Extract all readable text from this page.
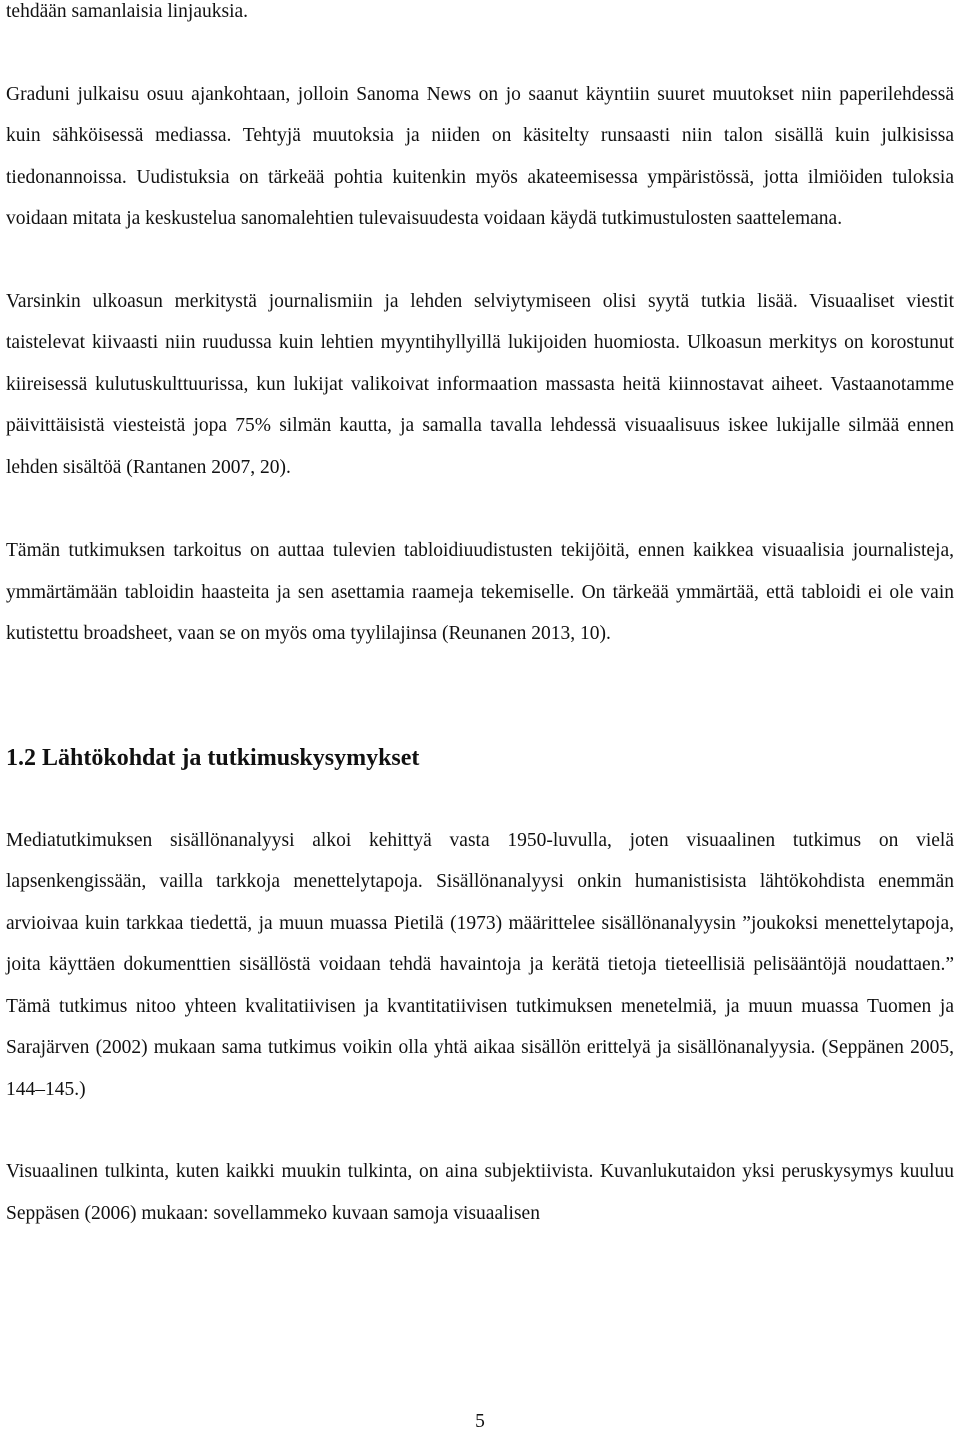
tehdään samanlaisia linjauksia.

Graduni julkaisu osuu ajankohtaan, jolloin Sanoma News on jo saanut käyntiin suuret muutokset niin paperilehdessä kuin sähköisessä mediassa. Tehtyjä muutoksia ja niiden on käsitelty runsaasti niin talon sisällä kuin julkisissa tiedonannoissa. Uudistuksia on tärkeää pohtia kuitenkin myös akateemisessa ympäristössä, jotta ilmiöiden tuloksia voidaan mitata ja keskustelua sanomalehtien tulevaisuudesta voidaan käydä tutkimustulosten saattelemana.

Varsinkin ulkoasun merkitystä journalismiin ja lehden selviytymiseen olisi syytä tutkia lisää. Visuaaliset viestit taistelevat kiivaasti niin ruudussa kuin lehtien myyntihyllyillä lukijoiden huomiosta. Ulkoasun merkitys on korostunut kiireisessä kulutuskulttuurissa, kun lukijat valikoivat informaation massasta heitä kiinnostavat aiheet. Vastaanotamme päivittäisistä viesteistä jopa 75% silmän kautta, ja samalla tavalla lehdessä visuaalisuus iskee lukijalle silmää ennen lehden sisältöä (Rantanen 2007, 20).

Tämän tutkimuksen tarkoitus on auttaa tulevien tabloidiuudistusten tekijöitä, ennen kaikkea visuaalisia journalisteja, ymmärtämään tabloidin haasteita ja sen asettamia raameja tekemiselle. On tärkeää ymmärtää, että tabloidi ei ole vain kutistettu broadsheet, vaan se on myös oma tyylilajinsa (Reunanen 2013, 10).

1.2 Lähtökohdat ja tutkimuskysymykset

Mediatutkimuksen sisällönanalyysi alkoi kehittyä vasta 1950-luvulla, joten visuaalinen tutkimus on vielä lapsenkengissään, vailla tarkkoja menettelytapoja. Sisällönanalyysi onkin humanistisista lähtökohdista enemmän arvioivaa kuin tarkkaa tiedettä, ja muun muassa Pietilä (1973) määrittelee sisällönanalyysin ”joukoksi menettelytapoja, joita käyttäen dokumenttien sisällöstä voidaan tehdä havaintoja ja kerätä tietoja tieteellisiä pelisääntöjä noudattaen.” Tämä tutkimus nitoo yhteen kvalitatiivisen ja kvantitatiivisen tutkimuksen menetelmiä, ja muun muassa Tuomen ja Sarajärven (2002) mukaan sama tutkimus voikin olla yhtä aikaa sisällön erittelyä ja sisällönanalyysia. (Seppänen 2005, 144–145.)

Visuaalinen tulkinta, kuten kaikki muukin tulkinta, on aina subjektiivista. Kuvanlukutaidon yksi peruskysymys kuuluu Seppäsen (2006) mukaan: sovellammeko kuvaan samoja visuaalisen

5
